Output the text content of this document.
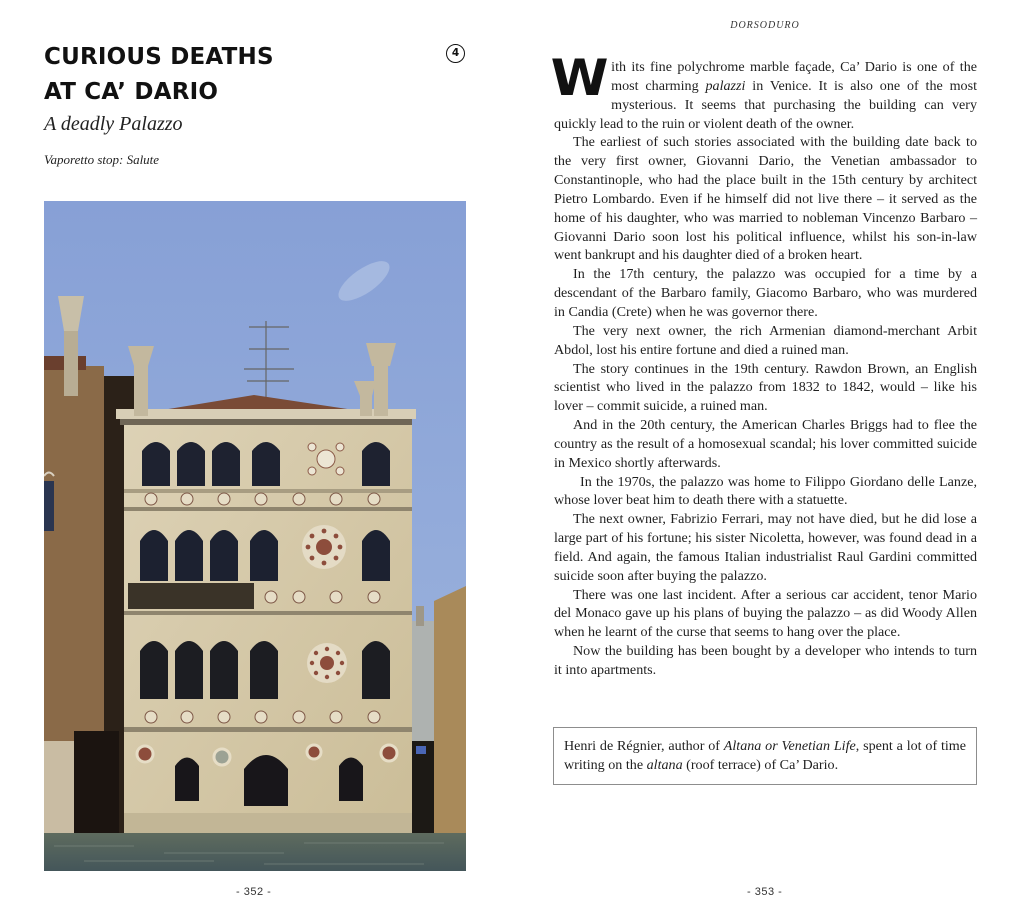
CURIOUS DEATHS
AT CA’ DARIO
4
A deadly Palazzo
Vaporetto stop: Salute
- 352 -
DORSODURO

With its fine polychrome marble façade, Ca’ Dario is one of the most charming palazzi in Venice. It is also one of the most mysterious. It seems that purchasing the building can very quickly lead to the ruin or violent death of the owner.

The earliest of such stories associated with the building date back to the very first owner, Giovanni Dario, the Venetian ambassador to Constantinople, who had the place built in the 15th century by architect Pietro Lombardo. Even if he himself did not live there – it served as the home of his daughter, who was married to nobleman Vincenzo Barbaro – Giovanni Dario soon lost his political influence, whilst his son-in-law went bankrupt and his daughter died of a broken heart.

In the 17th century, the palazzo was occupied for a time by a descendant of the Barbaro family, Giacomo Barbaro, who was murdered in Candia (Crete) when he was governor there.

The very next owner, the rich Armenian diamond-merchant Arbit Abdol, lost his entire fortune and died a ruined man.

The story continues in the 19th century. Rawdon Brown, an English scientist who lived in the palazzo from 1832 to 1842, would – like his lover – commit suicide, a ruined man.

And in the 20th century, the American Charles Briggs had to flee the country as the result of a homosexual scandal; his lover committed suicide in Mexico shortly afterwards.

In the 1970s, the palazzo was home to Filippo Giordano delle Lanze, whose lover beat him to death there with a statuette.

The next owner, Fabrizio Ferrari, may not have died, but he did lose a large part of his fortune; his sister Nicoletta, however, was found dead in a field. And again, the famous Italian industrialist Raul Gardini committed suicide soon after buying the palazzo.

There was one last incident. After a serious car accident, tenor Mario del Monaco gave up his plans of buying the palazzo – as did Woody Allen when he learnt of the curse that seems to hang over the place.

Now the building has been bought by a developer who intends to turn it into apartments.

Henri de Régnier, author of Altana or Venetian Life, spent a lot of time writing on the altana (roof terrace) of Ca’ Dario.
- 353 -
